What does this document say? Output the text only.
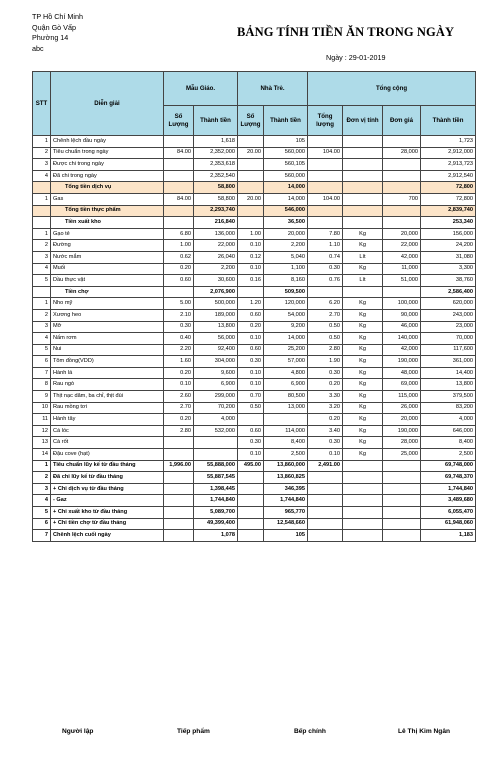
TP Hồ Chí Minh
Quận Gò Vấp
Phường 14
abc
BẢNG TÍNH TIỀN ĂN TRONG NGÀY
Ngày : 29-01-2019
STT	Diễn giải	Mẫu Giáo.		Nhà Trẻ.		Tổng cộng			
		Số Lượng	Thành tiền	Số Lượng	Thành tiền	Tổng lượng	Đơn vị tính	Đơn giá	Thành tiền
1	Chênh lệch đầu ngày		1,618		105				1,723
2	Tiêu chuẩn trong ngày	84.00	2,352,000	20.00	560,000	104.00		28,000	2,912,000
3	Được chi trong ngày		2,353,618		560,105				2,913,723
4	Đã chi trong ngày		2,352,540		560,000				2,912,540
	Tổng tiền dịch vụ		58,800		14,000				72,800
1	Gas	84.00	58,800	20.00	14,000	104.00		700	72,800
	Tổng tiền thực phẩm		2,293,740		546,000				2,839,740
	Tiền xuất kho		216,840		36,500				253,340
1	Gạo tẻ	6.80	136,000	1.00	20,000	7.80	Kg	20,000	156,000
2	Đường	1.00	22,000	0.10	2,200	1.10	Kg	22,000	24,200
3	Nước mắm	0.62	26,040	0.12	5,040	0.74	Lít	42,000	31,080
4	Muối	0.20	2,200	0.10	1,100	0.30	Kg	11,000	3,300
5	Dầu thực vật	0.60	30,600	0.16	8,160	0.76	Lít	51,000	38,760
	Tiền chợ		2,076,900		509,500				2,586,400
1	Nho mỹ	5.00	500,000	1.20	120,000	6.20	Kg	100,000	620,000
2	Xương heo	2.10	189,000	0.60	54,000	2.70	Kg	90,000	243,000
3	Mỡ	0.30	13,800	0.20	9,200	0.50	Kg	46,000	23,000
4	Nấm rơm	0.40	56,000	0.10	14,000	0.50	Kg	140,000	70,000
5	Nui	2.20	92,400	0.60	25,200	2.80	Kg	42,000	117,600
6	Tôm đồng(VDD)	1.60	304,000	0.30	57,000	1.90	Kg	190,000	361,000
7	Hành lá	0.20	9,600	0.10	4,800	0.30	Kg	48,000	14,400
8	Rau ngò	0.10	6,900	0.10	6,900	0.20	Kg	69,000	13,800
9	Thịt nạc dăm, ba chỉ, thịt đùi	2.60	299,000	0.70	80,500	3.30	Kg	115,000	379,500
10	Rau mồng tơi	2.70	70,200	0.50	13,000	3.20	Kg	26,000	83,200
11	Hành tây	0.20	4,000			0.20	Kg	20,000	4,000
12	Cá lóc	2.80	532,000	0.60	114,000	3.40	Kg	190,000	646,000
13	Cà rốt			0.30	8,400	0.30	Kg	28,000	8,400
14	Đậu cove (hạt)			0.10	2,500	0.10	Kg	25,000	2,500
1	Tiêu chuẩn lũy kế từ đầu tháng	1,996.00	55,888,000	495.00	13,860,000	2,491.00			69,748,000
2	Đã chi lũy kế từ đầu tháng		55,887,545		13,860,825				69,748,370
3	+ Chi dịch vụ từ đầu tháng		1,398,445		346,395				1,744,840
4	- Gaz		1,744,840		1,744,840				3,489,680
5	+ Chi xuất kho từ đầu tháng		5,089,700		965,770				6,055,470
6	+ Chi tiền chợ từ đầu tháng		49,399,400		12,548,660				61,948,060
7	Chênh lệch cuối ngày		1,078		105				1,183
Người lập	Tiếp phẩm	Bếp chính	Lê Thị Kim Ngân
